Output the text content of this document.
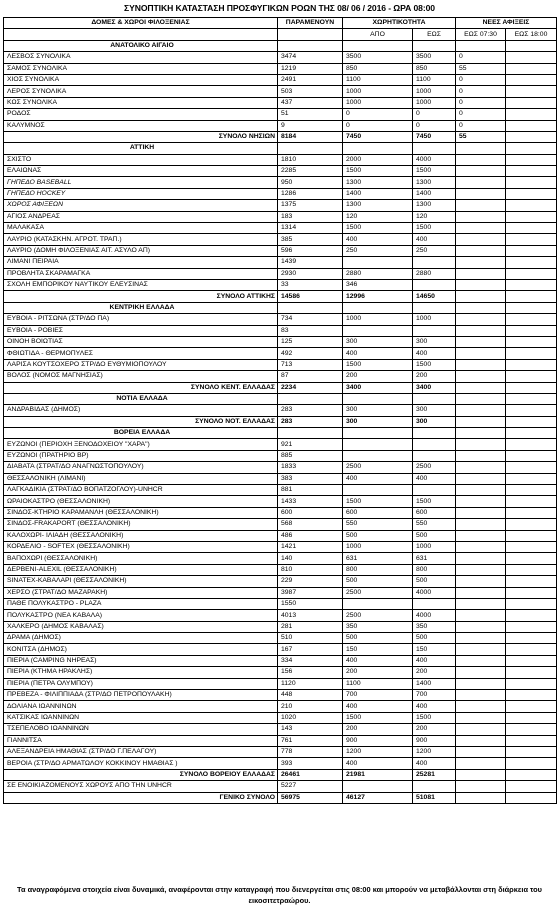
ΣΥΝΟΠΤΙΚΗ ΚΑΤΑΣΤΑΣΗ ΠΡΟΣΦΥΓΙΚΩΝ ΡΟΩΝ ΤΗΣ 08/ 06 / 2016 - ΩΡΑ 08:00
ΔΟΜΕΣ & ΧΩΡΟΙ ΦΙΛΟΞΕΝΙΑΣ	ΠΑΡΑΜΕΝΟΥΝ	ΧΩΡΗΤΙΚΟΤΗΤΑ		ΝΕΕΣ ΑΦΙΞΕΙΣ	
		ΑΠΟ	ΕΩΣ	ΕΩΣ 07:30	ΕΩΣ 18:00
ΑΝΑΤΟΛΙΚΟ ΑΙΓΑΙΟ					
ΛΕΣΒΟΣ ΣΥΝΟΛΙΚΑ	3474	3500	3500	0	
ΣΑΜΟΣ ΣΥΝΟΛΙΚΑ	1219	850	850	55	
ΧΙΟΣ ΣΥΝΟΛΙΚΑ	2491	1100	1100	0	
ΛΕΡΟΣ ΣΥΝΟΛΙΚΑ	503	1000	1000	0	
ΚΩΣ ΣΥΝΟΛΙΚΑ	437	1000	1000	0	
ΡΟΔΟΣ	51	0	0	0	
ΚΑΛΥΜΝΟΣ	9	0	0	0	
ΣΥΝΟΛΟ ΝΗΣΙΩΝ	8184	7450	7450	55	
ΑΤΤΙΚΗ					
ΣΧΙΣΤΟ	1810	2000	4000		
ΕΛΑΙΩΝΑΣ	2285	1500	1500		
ΓΗΠΕΔΟ BASEBALL	950	1300	1300		
ΓΗΠΕΔΟ HOCKEY	1286	1400	1400		
ΧΩΡΟΣ ΑΦΙΞΕΩΝ	1375	1300	1300		
ΑΓΙΟΣ ΑΝΔΡΕΑΣ	183	120	120		
ΜΑΛΑΚΑΣΑ	1314	1500	1500		
ΛΑΥΡΙΟ (ΚΑΤΑΣΚΗΝ. ΑΓΡΟΤ. ΤΡΑΠ.)	385	400	400		
ΛΑΥΡΙΟ (ΔΟΜΗ ΦΙΛΟΞΕΝΙΑΣ ΑΙΤ. ΑΣΥΛΟ ΑΠ)	596	250	250		
ΛΙΜΑΝΙ ΠΕΙΡΑΙΑ	1439				
ΠΡΟΒΛΗΤΑ ΣΚΑΡΑΜΑΓΚΑ	2930	2880	2880		
ΣΧΟΛΗ ΕΜΠΟΡΙΚΟΥ ΝΑΥΤΙΚΟΥ ΕΛΕΥΣΙΝΑΣ	33	346			
ΣΥΝΟΛΟ ΑΤΤΙΚΗΣ	14586	12996	14650		
ΚΕΝΤΡΙΚΗ ΕΛΛΑΔΑ					
ΕΥΒΟΙΑ - ΡΙΤΣΩΝΑ (ΣΤΡ/ΔΟ ΠΑ)	734	1000	1000		
ΕΥΒΟΙΑ - ΡΟΒΙΕΣ	83				
ΟΙΝΟΗ ΒΟΙΩΤΙΑΣ	125	300	300		
ΦΘΙΩΤΙΔΑ - ΘΕΡΜΟΠΥΛΕΣ	492	400	400		
ΛΑΡΙΣΑ ΚΟΥΤΣΟΧΕΡΟ ΣΤΡ/ΔΟ ΕΥΘΥΜΙΟΠΟΥΛΟΥ	713	1500	1500		
ΒΟΛΟΣ (ΝΟΜΟΣ ΜΑΓΝΗΣΙΑΣ)	87	200	200		
ΣΥΝΟΛΟ ΚΕΝΤ. ΕΛΛΑΔΑΣ	2234	3400	3400		
ΝΟΤΙΑ ΕΛΛΑΔΑ					
ΑΝΔΡΑΒΙΔΑΣ (ΔΗΜΟΣ)	283	300	300		
ΣΥΝΟΛΟ ΝΟΤ. ΕΛΛΑΔΑΣ	283	300	300		
ΒΟΡΕΙΑ ΕΛΛΑΔΑ					
ΕΥΖΩΝΟΙ (ΠΕΡΙΟΧΗ ΞΕΝΟΔΟΧΕΙΟΥ "ΧΑΡΑ")	921				
ΕΥΖΩΝΟΙ (ΠΡΑΤΗΡΙΟ BP)	885				
ΔΙΑΒΑΤΑ (ΣΤΡΑΤ/ΔΟ ΑΝΑΓΝΩΣΤΟΠΟΥΛΟΥ)	1833	2500	2500		
ΘΕΣΣΑΛΟΝΙΚΗ (ΛΙΜΑΝΙ)	383	400	400		
ΛΑΓΚΑΔΙΚΙΑ (ΣΤΡΑΤ/ΔΟ ΒΟΠΑΤΖΟΓΛΟΥ)-UNHCR	881				
ΩΡΑΙΟΚΑΣΤΡΟ (ΘΕΣΣΑΛΟΝΙΚΗ)	1433	1500	1500		
ΣΙΝΔΟΣ-ΚΤΗΡΙΟ ΚΑΡΑΜΑΝΛΗ (ΘΕΣΣΑΛΟΝΙΚΗ)	600	600	600		
ΣΙΝΔΟΣ-FRAKAPORT (ΘΕΣΣΑΛΟΝΙΚΗ)	568	550	550		
ΚΑΛΟΧΩΡΙ- ΙΛΙΑΔΗ (ΘΕΣΣΑΛΟΝΙΚΗ)	486	500	500		
ΚΟΡΔΕΛΙΟ - SOFTEX (ΘΕΣΣΑΛΟΝΙΚΗ)	1421	1000	1000		
ΒΑΠΟΧΩΡΙ (ΘΕΣΣΑΛΟΝΙΚΗ)	140	631	631		
ΔΕΡΒΕΝΙ-ALEXIL (ΘΕΣΣΑΛΟΝΙΚΗ)	810	800	800		
SINATEX-ΚΑΒΑΛΑΡΙ (ΘΕΣΣΑΛΟΝΙΚΗ)	229	500	500		
ΧΕΡΣΟ (ΣΤΡΑΤ/ΔΟ ΜΑΖΑΡΑΚΗ)	3987	2500	4000		
ΠΑΘΕ ΠΟΛΥΚΑΣΤΡΟ - PLAZA	1550				
ΠΟΛΥΚΑΣΤΡΟ (ΝΕΑ ΚΑΒΑΛΑ)	4013	2500	4000		
ΧΑΛΚΕΡΟ (ΔΗΜΟΣ ΚΑΒΑΛΑΣ)	281	350	350		
ΔΡΑΜΑ (ΔΗΜΟΣ)	510	500	500		
ΚΟΝΙΤΣΑ (ΔΗΜΟΣ)	167	150	150		
ΠΙΕΡΙΑ (CAMPING ΝΗΡΕΑΣ)	334	400	400		
ΠΙΕΡΙΑ (ΚΤΗΜΑ ΗΡΑΚΛΗΣ)	156	200	200		
ΠΙΕΡΙΑ (ΠΕΤΡΑ ΟΛΥΜΠΟΥ)	1120	1100	1400		
ΠΡΕΒΕΖΑ - ΦΙΛΙΠΠΙΑΔΑ (ΣΤΡ/ΔΟ ΠΕΤΡΟΠΟΥΛΑΚΗ)	448	700	700		
ΔΟΛΙΑΝΑ ΙΩΑΝΝΙΝΩΝ	210	400	400		
ΚΑΤΣΙΚΑΣ ΙΩΑΝΝΙΝΩΝ	1020	1500	1500		
ΤΣΕΠΕΛΟΒΟ ΙΩΑΝΝΙΝΩΝ	143	200	200		
ΓΙΑΝΝΙΤΣΑ	761	900	900		
ΑΛΕΞΑΝΔΡΕΙΑ ΗΜΑΘΙΑΣ (ΣΤΡ/ΔΟ Γ.ΠΕΛΑΓΟΥ)	778	1200	1200		
ΒΕΡΟΙΑ (ΣΤΡ/ΔΟ ΑΡΜΑΤΩΛΟΥ ΚΟΚΚΙΝΟΥ ΗΜΑΘΙΑΣ )	393	400	400		
ΣΥΝΟΛΟ ΒΟΡΕΙΟΥ ΕΛΛΑΔΑΣ	26461	21981	25281		
ΣΕ ΕΝΟΙΚΙΑΖΟΜΕΝΟΥΣ ΧΩΡΟΥΣ ΑΠΟ ΤΗΝ UNHCR	5227				
ΓΕΝΙΚΟ ΣΥΝΟΛΟ	56975	46127	51081		
Τα αναγραφόμενα στοιχεία είναι δυναμικά, αναφέρονται στην καταγραφή που διενεργείται στις 08:00 και μπορούν να μεταβάλλονται στη διάρκεια του εικοσιτετραώρου.
